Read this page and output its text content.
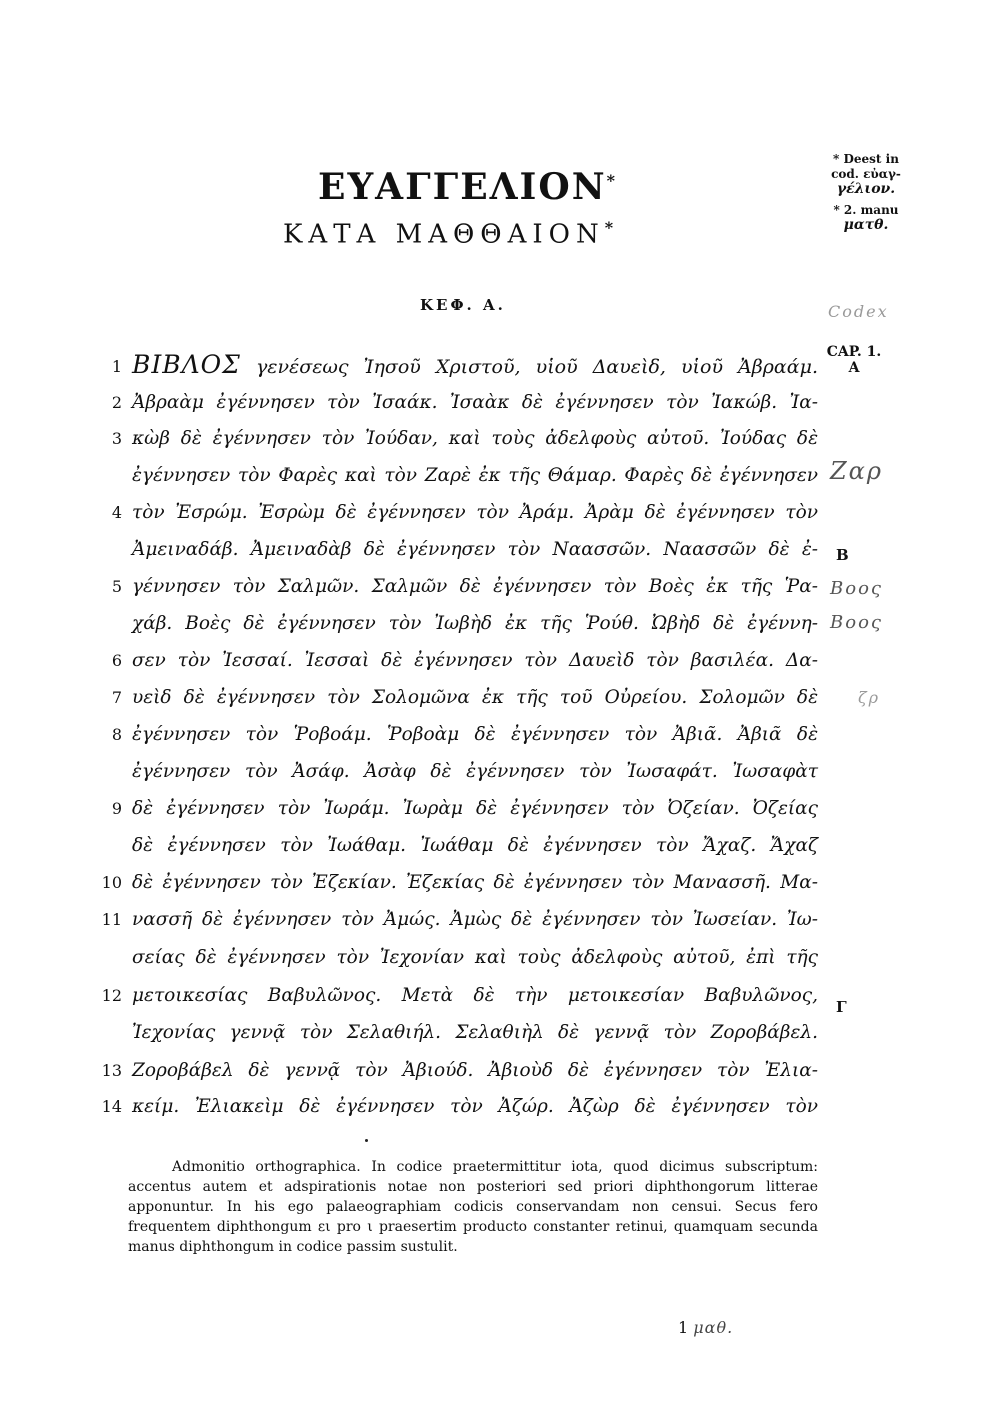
ΕΥΑΓΓΕΛΙΟΝ*
ΚΑΤΑ ΜΑΘΘΑΙΟΝ*
* Deest in
cod. εὐαγ-
γέλιον.
* 2. manu
ματθ.
ΚΕΦ. Α.
CAP. 1.
A
B
Γ
Codex
Ζαρ
Βοος
Βοος
ζρ
1
2
3
4
5
6
7
8
9
10
11
12
13
14
ΒΙΒΛΟΣ γενέσεως Ἰησοῦ Χριστοῦ, υἱοῦ Δαυεὶδ, υἱοῦ Ἀβραάμ.
Ἀβραὰμ ἐγέννησεν τὸν Ἰσαάκ. Ἰσαὰκ δὲ ἐγέννησεν τὸν Ἰακώβ. Ἰα-
κὼβ δὲ ἐγέννησεν τὸν Ἰούδαν, καὶ τοὺς ἀδελφοὺς αὐτοῦ. Ἰούδας δὲ
ἐγέννησεν τὸν Φαρὲς καὶ τὸν Ζαρὲ ἐκ τῆς Θάμαρ. Φαρὲς δὲ ἐγέννησεν
τὸν Ἐσρώμ. Ἐσρὼμ δὲ ἐγέννησεν τὸν Ἀράμ. Ἀρὰμ δὲ ἐγέννησεν τὸν
Ἀμειναδάβ. Ἀμειναδὰβ δὲ ἐγέννησεν τὸν Ναασσῶν. Ναασσῶν δὲ ἐ-
γέννησεν τὸν Σαλμῶν. Σαλμῶν δὲ ἐγέννησεν τὸν Βοὲς ἐκ τῆς Ῥα-
χάβ. Βοὲς δὲ ἐγέννησεν τὸν Ἰωβὴδ ἐκ τῆς Ῥούθ. Ὠβὴδ δὲ ἐγέννη-
σεν τὸν Ἰεσσαί. Ἰεσσαὶ δὲ ἐγέννησεν τὸν Δαυεὶδ τὸν βασιλέα. Δα-
υεὶδ δὲ ἐγέννησεν τὸν Σολομῶνα ἐκ τῆς τοῦ Οὐρείου. Σολομῶν δὲ
ἐγέννησεν τὸν Ῥοβοάμ. Ῥοβοὰμ δὲ ἐγέννησεν τὸν Ἀβιᾶ. Ἀβιᾶ δὲ
ἐγέννησεν τὸν Ἀσάφ. Ἀσὰφ δὲ ἐγέννησεν τὸν Ἰωσαφάτ. Ἰωσαφὰτ
δὲ ἐγέννησεν τὸν Ἰωράμ. Ἰωρὰμ δὲ ἐγέννησεν τὸν Ὀζείαν. Ὀζείας
δὲ ἐγέννησεν τὸν Ἰωάθαμ. Ἰωάθαμ δὲ ἐγέννησεν τὸν Ἄχαζ. Ἄχαζ
δὲ ἐγέννησεν τὸν Ἐζεκίαν. Ἐζεκίας δὲ ἐγέννησεν τὸν Μανασσῆ. Μα-
νασσῆ δὲ ἐγέννησεν τὸν Ἀμώς. Ἀμὼς δὲ ἐγέννησεν τὸν Ἰωσείαν. Ἰω-
σείας δὲ ἐγέννησεν τὸν Ἰεχονίαν καὶ τοὺς ἀδελφοὺς αὐτοῦ, ἐπὶ τῆς
μετοικεσίας Βαβυλῶνος. Μετὰ δὲ τὴν μετοικεσίαν Βαβυλῶνος,
Ἰεχονίας γεννᾷ τὸν Σελαθιήλ. Σελαθιὴλ δὲ γεννᾷ τὸν Ζοροβάβελ.
Ζοροβάβελ δὲ γεννᾷ τὸν Ἀβιούδ. Ἀβιοὺδ δὲ ἐγέννησεν τὸν Ἐλια-
κείμ. Ἐλιακεὶμ δὲ ἐγέννησεν τὸν Ἀζώρ. Ἀζὼρ δὲ ἐγέννησεν τὸν
Admonitio orthographica. In codice praetermittitur iota, quod dicimus subscriptum: accentus autem et adspirationis notae non posteriori sed priori diphthongorum litterae apponuntur. In his ego palaeographiam codicis conservandam non censui. Secus fero frequentem diphthongum ει pro ι praesertim producto constanter retinui, quamquam secunda manus diphthongum in codice passim sustulit.
1 μαθ.
